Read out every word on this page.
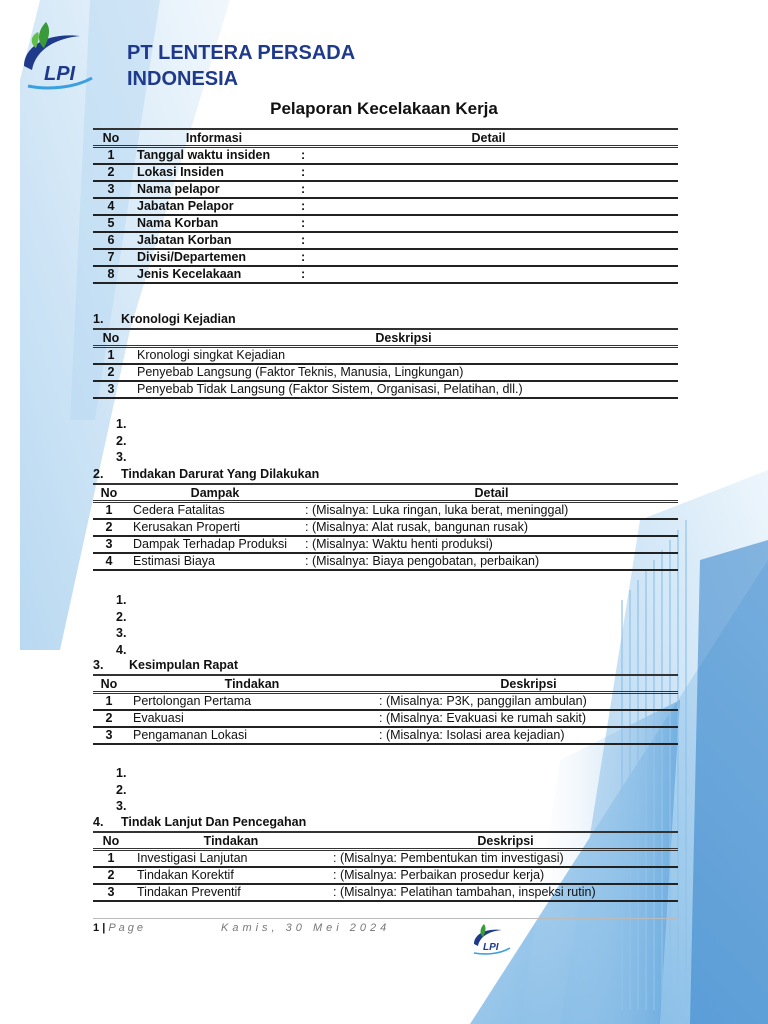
LPI
PT LENTERA PERSADA
INDONESIA
Pelaporan Kecelakaan Kerja
No	Informasi	Detail
1	Tanggal waktu insiden	:
2	Lokasi Insiden	:
3	Nama pelapor	:
4	Jabatan Pelapor	:
5	Nama Korban	:
6	Jabatan Korban	:
7	Divisi/Departemen	:
8	Jenis Kecelakaan	:
1. Kronologi Kejadian
No	Deskripsi
1	Kronologi singkat Kejadian
2	Penyebab Langsung (Faktor Teknis, Manusia, Lingkungan)
3	Penyebab Tidak Langsung (Faktor Sistem, Organisasi, Pelatihan, dll.)
1.
2.
3.
2. Tindakan Darurat Yang Dilakukan
No	Dampak	Detail
1	Cedera Fatalitas	: (Misalnya: Luka ringan, luka berat, meninggal)
2	Kerusakan Properti	: (Misalnya: Alat rusak, bangunan rusak)
3	Dampak Terhadap Produksi	: (Misalnya: Waktu henti produksi)
4	Estimasi Biaya	: (Misalnya: Biaya pengobatan, perbaikan)
1.
2.
3.
4.
3. Kesimpulan Rapat
No	Tindakan	Deskripsi
1	Pertolongan Pertama	: (Misalnya: P3K, panggilan ambulan)
2	Evakuasi	: (Misalnya: Evakuasi ke rumah sakit)
3	Pengamanan Lokasi	: (Misalnya: Isolasi area kejadian)
1.
2.
3.
4. Tindak Lanjut Dan Pencegahan
No	Tindakan	Deskripsi
1	Investigasi Lanjutan	: (Misalnya: Pembentukan tim investigasi)
2	Tindakan Korektif	: (Misalnya: Perbaikan prosedur kerja)
3	Tindakan Preventif	: (Misalnya: Pelatihan tambahan, inspeksi rutin)
1 | Page	Kamis, 30 Mei 2024
LPI
